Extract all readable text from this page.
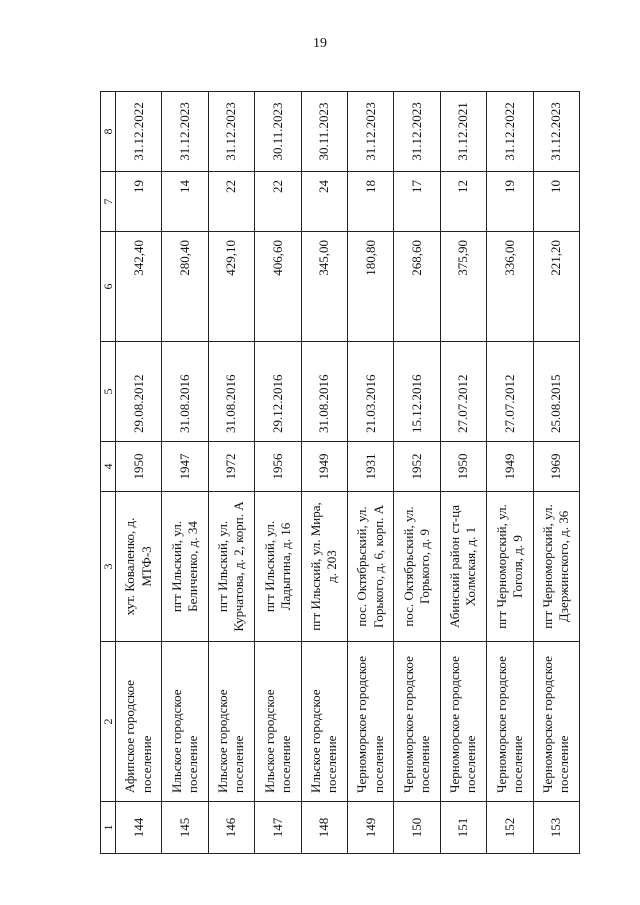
19
1	2	3	4	5	6	7	8
144	Афипское городское поселение	хут. Коваленко, д. МТФ-3	1950	29.08.2012	342,40	19	31.12.2022
145	Ильское городское поселение	пгт Ильский, ул. Беличенко, д. 34	1947	31.08.2016	280,40	14	31.12.2023
146	Ильское городское поселение	пгт Ильский, ул. Курчатова, д. 2, корп. А	1972	31.08.2016	429,10	22	31.12.2023
147	Ильское городское поселение	пгт Ильский, ул. Ладыгина, д. 16	1956	29.12.2016	406,60	22	30.11.2023
148	Ильское городское поселение	пгт Ильский, ул. Мира, д. 203	1949	31.08.2016	345,00	24	30.11.2023
149	Черноморское городское поселение	пос. Октябрьский, ул. Горького, д. 6, корп. А	1931	21.03.2016	180,80	18	31.12.2023
150	Черноморское городское поселение	пос. Октябрьский, ул. Горького, д. 9	1952	15.12.2016	268,60	17	31.12.2023
151	Черноморское городское поселение	Абинский район ст-ца Холмская, д. 1	1950	27.07.2012	375,90	12	31.12.2021
152	Черноморское городское поселение	пгт Черноморский, ул. Гоголя, д. 9	1949	27.07.2012	336,00	19	31.12.2022
153	Черноморское городское поселение	пгт Черноморский, ул. Дзержинского, д. 36	1969	25.08.2015	221,20	10	31.12.2023
